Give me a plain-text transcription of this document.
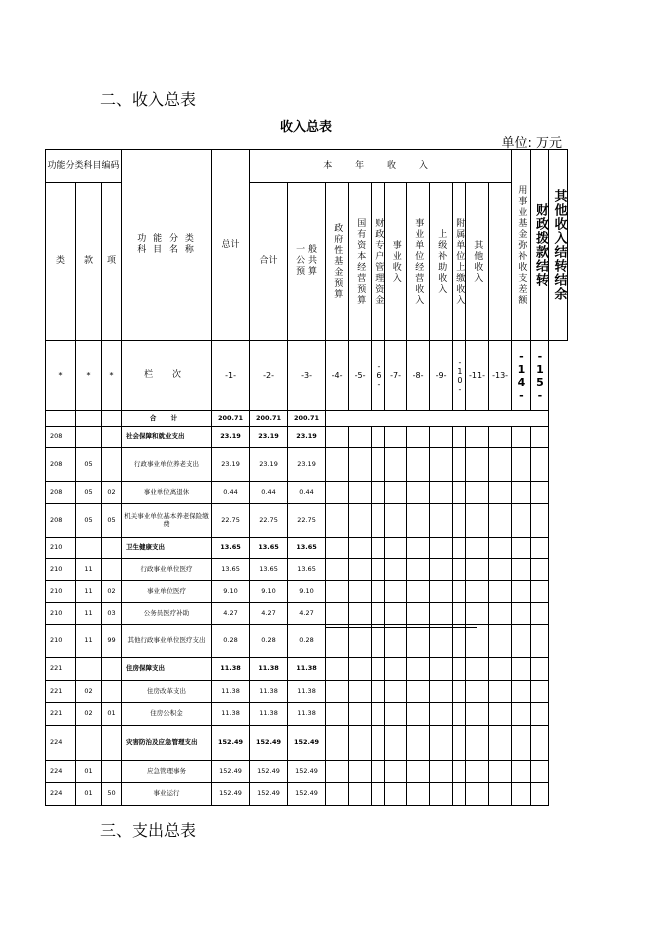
二、收入总表
收入总表
单位: 万元
功能分类科目编码			功 能 分 类 科 目 名 称	总计	本 年 收 入											用事业基金弥补收支差额	财政拨款结转	其他收入结转结余
类	款	项			合计	一 般 公 共 预 算	政府性基金预算	国有资本经营预算	财政专户管理资金	事业收入	事业单位经营收入	上级补助收入	附属单位上缴收入	其他收入				
*	*	*	栏 次	-1-	-2-	-3-	-4-	-5-	-6-	-7-	-8-	-9-	-10-	-11-	-13-	-14-	-15-	
			合 计	200.71	200.71	200.71												
208			社会保障和就业支出	23.19	23.19	23.19												
208	05		行政事业单位养老支出	23.19	23.19	23.19												
208	05	02	事业单位离退休	0.44	0.44	0.44												
208	05	05	机关事业单位基本养老保险缴费	22.75	22.75	22.75												
210			卫生健康支出	13.65	13.65	13.65												
210	11		行政事业单位医疗	13.65	13.65	13.65												
210	11	02	事业单位医疗	9.10	9.10	9.10												
210	11	03	公务员医疗补助	4.27	4.27	4.27												
210	11	99	其他行政事业单位医疗支出	0.28	0.28	0.28												
221			住房保障支出	11.38	11.38	11.38												
221	02		住房改革支出	11.38	11.38	11.38												
221	02	01	住房公积金	11.38	11.38	11.38												
224			灾害防治及应急管理支出	152.49	152.49	152.49												
224	01		应急管理事务	152.49	152.49	152.49												
224	01	50	事业运行	152.49	152.49	152.49												
三、支出总表
